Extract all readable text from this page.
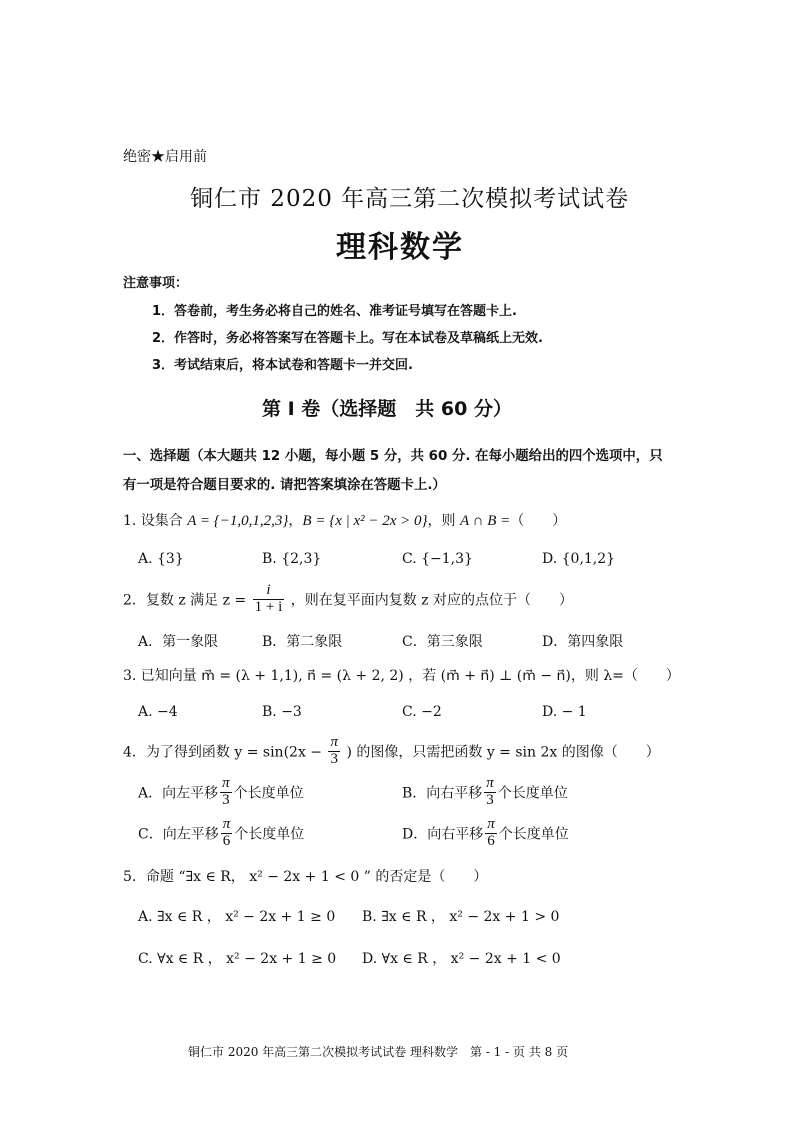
绝密★启用前
铜仁市 2020 年高三第二次模拟考试试卷
理科数学
注意事项：
1．答卷前，考生务必将自己的姓名、准考证号填写在答题卡上.
2．作答时，务必将答案写在答题卡上。写在本试卷及草稿纸上无效.
3．考试结束后，将本试卷和答题卡一并交回.
第 I 卷（选择题　共 60 分）
一、选择题（本大题共 12 小题，每小题 5 分，共 60 分. 在每小题给出的四个选项中，只
有一项是符合题目要求的. 请把答案填涂在答题卡上.）
1. 设集合 A = {−1,0,1,2,3}，B = {x | x² − 2x > 0}，则 A ∩ B =（　　）
A. {3}	B. {2,3}	C. {−1,3}	D. {0,1,2}
2．复数 z 满足 $z = \frac{i}{1 + i}$ ，则在复平面内复数 z 对应的点位于（　　）
A．第一象限	B．第二象限	C．第三象限	D．第四象限
3. 已知向量 m⃗ = (λ + 1,1), n⃗ = (λ + 2, 2) ，若 (m⃗ + n⃗) ⊥ (m⃗ − n⃗)，则 λ=（　　）
A. −4	B. −3	C. −2	D. − 1
4．为了得到函数 $y = \sin(2x - \frac{\pi}{3}$ ) 的图像，只需把函数 y = sin 2x 的图像（　　）
A．向左平移 $\frac{\pi}{3}$ 个长度单位	B．向右平移 $\frac{\pi}{3}$ 个长度单位
C．向左平移 $\frac{\pi}{6}$ 个长度单位	D．向右平移 $\frac{\pi}{6}$ 个长度单位
5．命题 “∃x ∈ R， x² − 2x + 1 < 0 ” 的否定是（　　）
A. ∃x ∈ R ， x² − 2x + 1 ≥ 0 B. ∃x ∈ R ， x² − 2x + 1 > 0
C. ∀x ∈ R ， x² − 2x + 1 ≥ 0 D. ∀x ∈ R ， x² − 2x + 1 < 0
铜仁市 2020 年高三第二次模拟考试试卷 理科数学 第 - 1 - 页 共 8 页
